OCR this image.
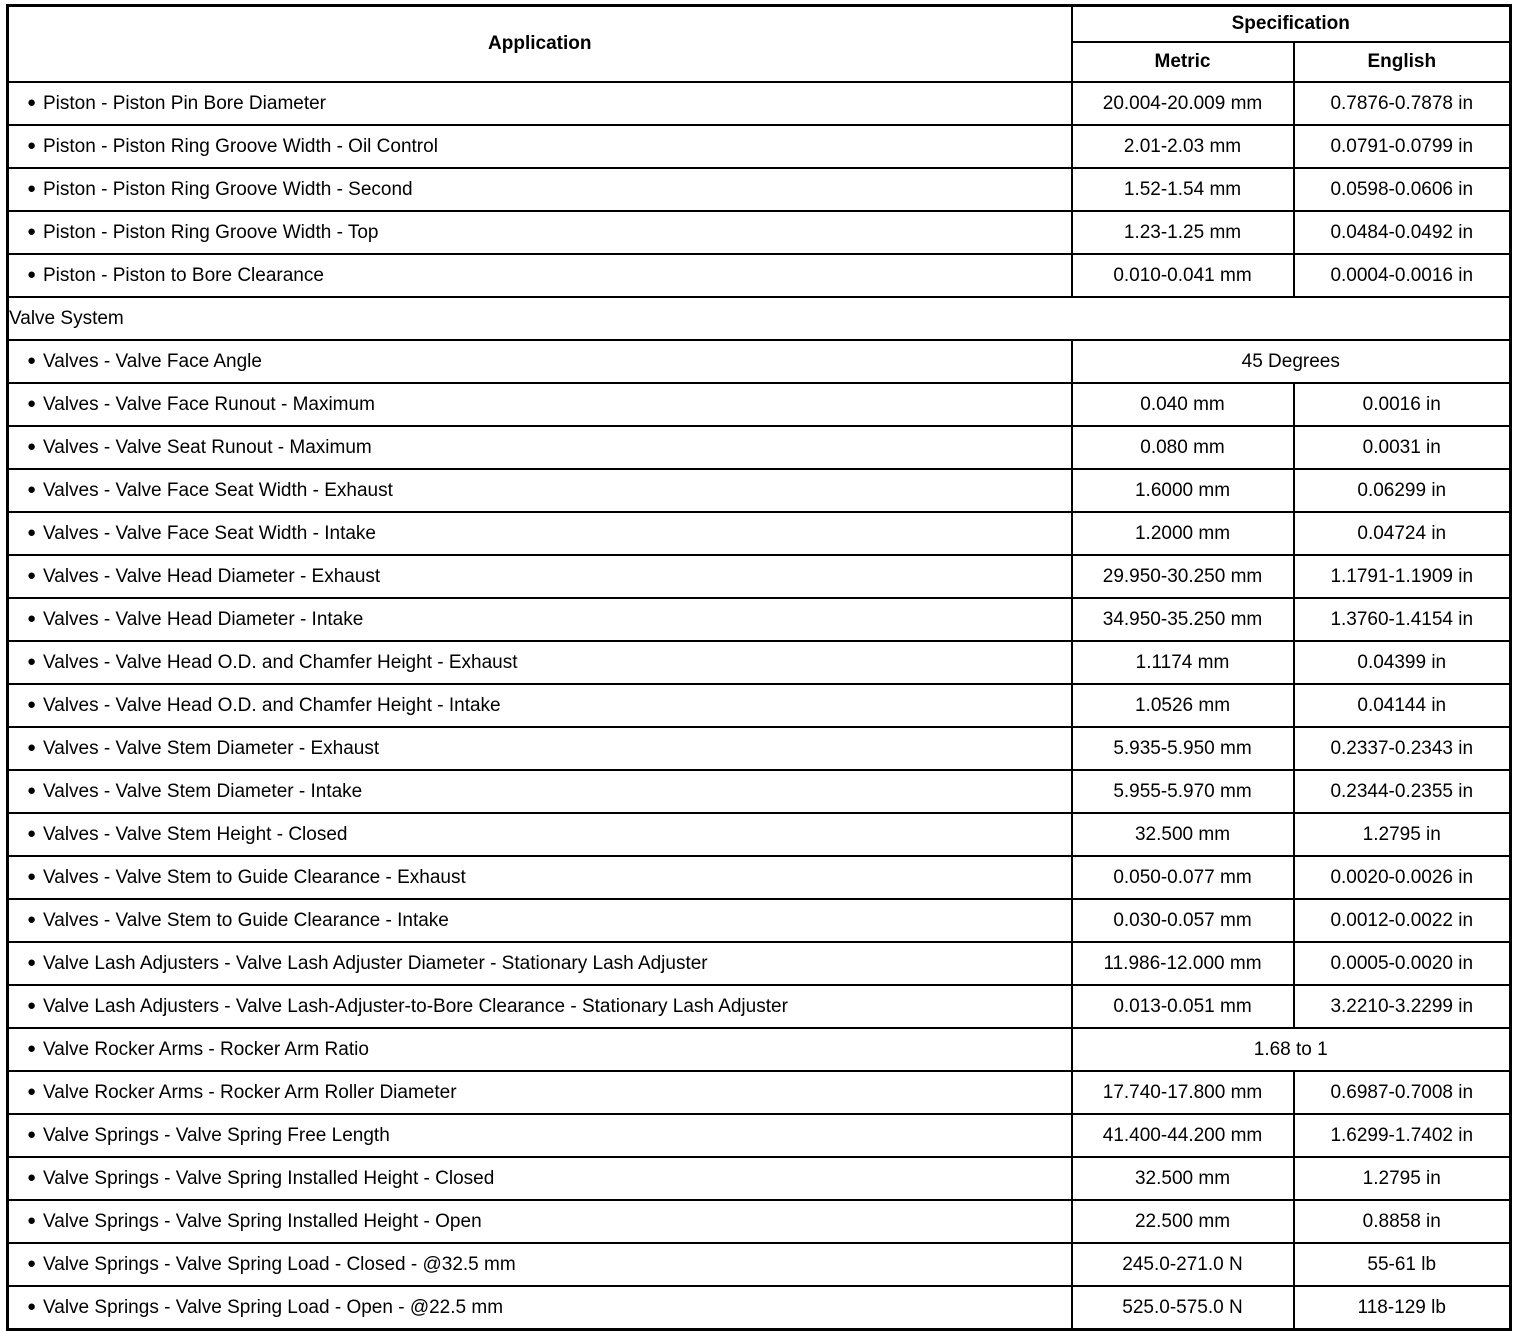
Application	Specification	
	Metric	English
● Piston - Piston Pin Bore Diameter	20.004-20.009 mm	0.7876-0.7878 in
● Piston - Piston Ring Groove Width - Oil Control	2.01-2.03 mm	0.0791-0.0799 in
● Piston - Piston Ring Groove Width - Second	1.52-1.54 mm	0.0598-0.0606 in
● Piston - Piston Ring Groove Width - Top	1.23-1.25 mm	0.0484-0.0492 in
● Piston - Piston to Bore Clearance	0.010-0.041 mm	0.0004-0.0016 in
Valve System		
● Valves - Valve Face Angle	45 Degrees	
● Valves - Valve Face Runout - Maximum	0.040 mm	0.0016 in
● Valves - Valve Seat Runout - Maximum	0.080 mm	0.0031 in
● Valves - Valve Face Seat Width - Exhaust	1.6000 mm	0.06299 in
● Valves - Valve Face Seat Width - Intake	1.2000 mm	0.04724 in
● Valves - Valve Head Diameter - Exhaust	29.950-30.250 mm	1.1791-1.1909 in
● Valves - Valve Head Diameter - Intake	34.950-35.250 mm	1.3760-1.4154 in
● Valves - Valve Head O.D. and Chamfer Height - Exhaust	1.1174 mm	0.04399 in
● Valves - Valve Head O.D. and Chamfer Height - Intake	1.0526 mm	0.04144 in
● Valves - Valve Stem Diameter - Exhaust	5.935-5.950 mm	0.2337-0.2343 in
● Valves - Valve Stem Diameter - Intake	5.955-5.970 mm	0.2344-0.2355 in
● Valves - Valve Stem Height - Closed	32.500 mm	1.2795 in
● Valves - Valve Stem to Guide Clearance - Exhaust	0.050-0.077 mm	0.0020-0.0026 in
● Valves - Valve Stem to Guide Clearance - Intake	0.030-0.057 mm	0.0012-0.0022 in
● Valve Lash Adjusters - Valve Lash Adjuster Diameter - Stationary Lash Adjuster	11.986-12.000 mm	0.0005-0.0020 in
● Valve Lash Adjusters - Valve Lash-Adjuster-to-Bore Clearance - Stationary Lash Adjuster	0.013-0.051 mm	3.2210-3.2299 in
● Valve Rocker Arms - Rocker Arm Ratio	1.68 to 1	
● Valve Rocker Arms - Rocker Arm Roller Diameter	17.740-17.800 mm	0.6987-0.7008 in
● Valve Springs - Valve Spring Free Length	41.400-44.200 mm	1.6299-1.7402 in
● Valve Springs - Valve Spring Installed Height - Closed	32.500 mm	1.2795 in
● Valve Springs - Valve Spring Installed Height - Open	22.500 mm	0.8858 in
● Valve Springs - Valve Spring Load - Closed - @32.5 mm	245.0-271.0 N	55-61 lb
● Valve Springs - Valve Spring Load - Open - @22.5 mm	525.0-575.0 N	118-129 lb
